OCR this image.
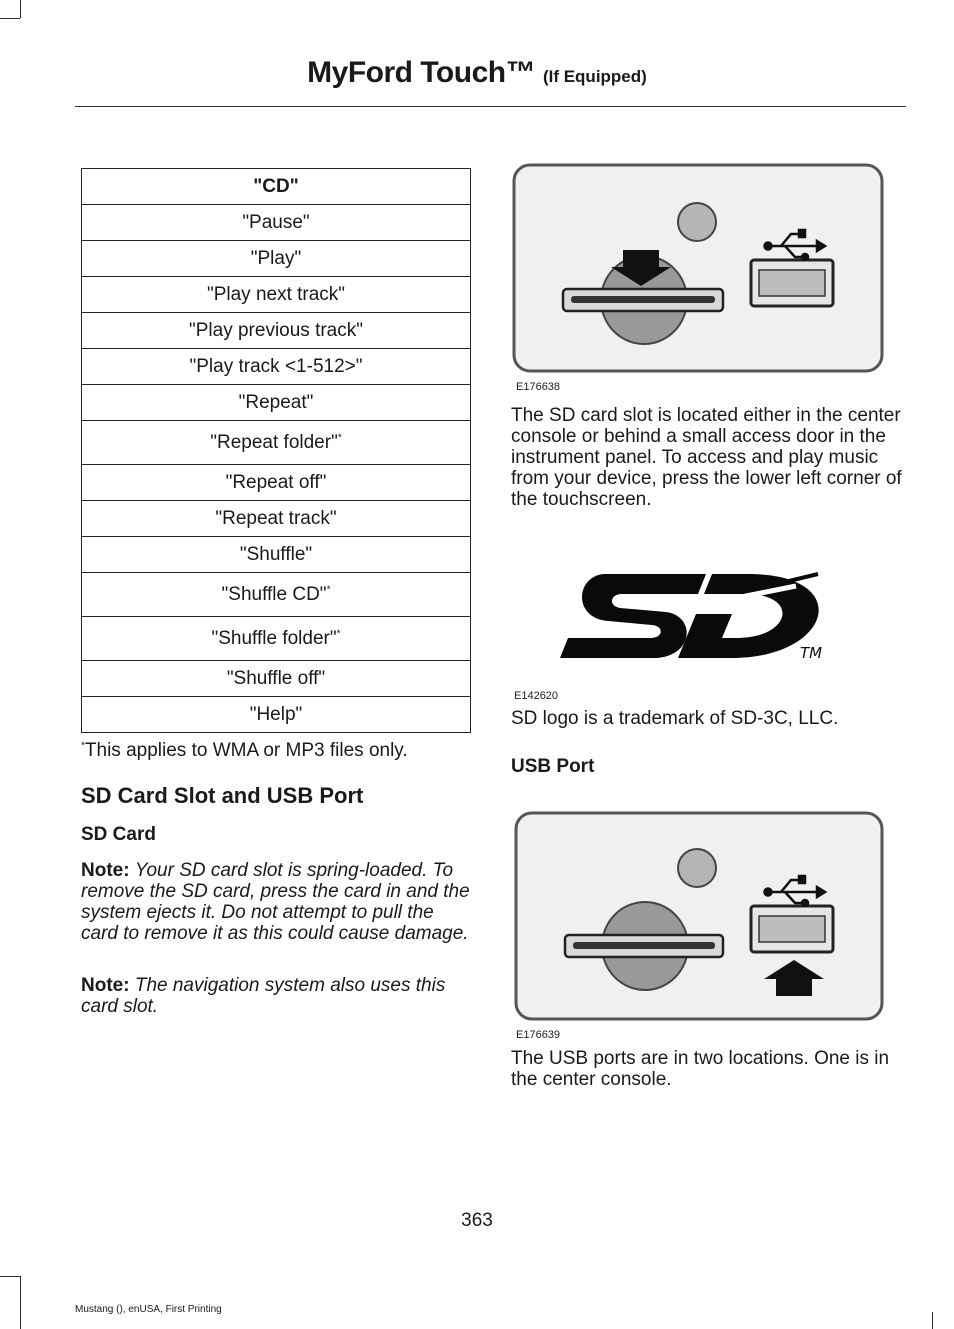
MyFord Touch™ (If Equipped)
"CD"
"Pause"
"Play"
"Play next track"
"Play previous track"
"Play track <1-512>"
"Repeat"
"Repeat folder"*
"Repeat off"
"Repeat track"
"Shuffle"
"Shuffle CD"*
"Shuffle folder"*
"Shuffle off"
"Help"
*This applies to WMA or MP3 files only.
SD Card Slot and USB Port
SD Card
Note: Your SD card slot is spring-loaded. To remove the SD card, press the card in and the system ejects it. Do not attempt to pull the card to remove it as this could cause damage.
Note: The navigation system also uses this card slot.
E176638
The SD card slot is located either in the center console or behind a small access door in the instrument panel. To access and play music from your device, press the lower left corner of the touchscreen.
TM
E142620
SD logo is a trademark of SD-3C, LLC.
USB Port
E176639
The USB ports are in two locations. One is in the center console.
363
Mustang (), enUSA, First Printing
